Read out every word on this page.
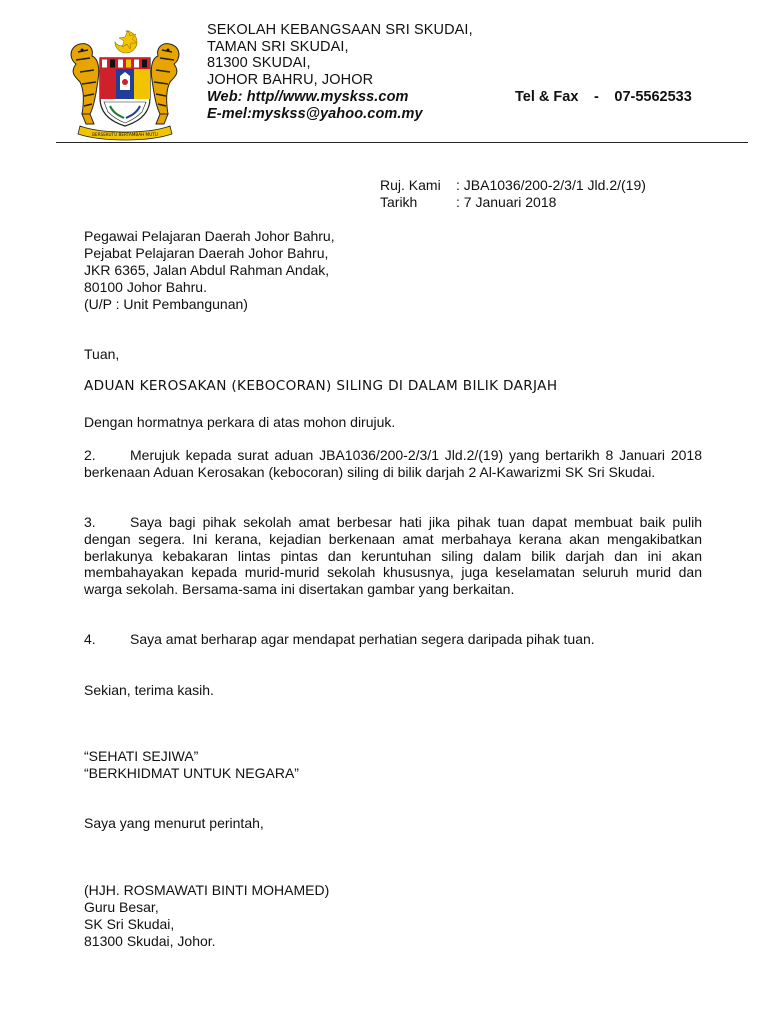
BERSEKUTU BERTAMBAH MUTU
SEKOLAH KEBANGSAAN SRI SKUDAI,
TAMAN SRI SKUDAI,
81300 SKUDAI,
JOHOR BAHRU, JOHOR
Web: http//www.myskss.com
E-mel:myskss@yahoo.com.my
Tel & Fax - 07-5562533
Ruj. Kami : JBA1036/200-2/3/1 Jld.2/(19)
Tarikh	: 7 Januari 2018
Pegawai Pelajaran Daerah Johor Bahru,
Pejabat Pelajaran Daerah Johor Bahru,
JKR 6365, Jalan Abdul Rahman Andak,
80100 Johor Bahru.
(U/P : Unit Pembangunan)
Tuan,
ADUAN KEROSAKAN (KEBOCORAN) SILING DI DALAM BILIK DARJAH
Dengan hormatnya perkara di atas mohon dirujuk.
2. Merujuk kepada surat aduan JBA1036/200-2/3/1 Jld.2/(19) yang bertarikh 8 Januari 2018 berkenaan Aduan Kerosakan (kebocoran) siling di bilik darjah 2 Al-Kawarizmi SK Sri Skudai.
3. Saya bagi pihak sekolah amat berbesar hati jika pihak tuan dapat membuat baik pulih dengan segera. Ini kerana, kejadian berkenaan amat merbahaya kerana akan mengakibatkan berlakunya kebakaran lintas pintas dan keruntuhan siling dalam bilik darjah dan ini akan membahayakan kepada murid-murid sekolah khususnya, juga keselamatan seluruh murid dan warga sekolah. Bersama-sama ini disertakan gambar yang berkaitan.
4. Saya amat berharap agar mendapat perhatian segera daripada pihak tuan.
Sekian, terima kasih.
“SEHATI SEJIWA”
“BERKHIDMAT UNTUK NEGARA”
Saya yang menurut perintah,
(HJH. ROSMAWATI BINTI MOHAMED)
Guru Besar,
SK Sri Skudai,
81300 Skudai, Johor.
